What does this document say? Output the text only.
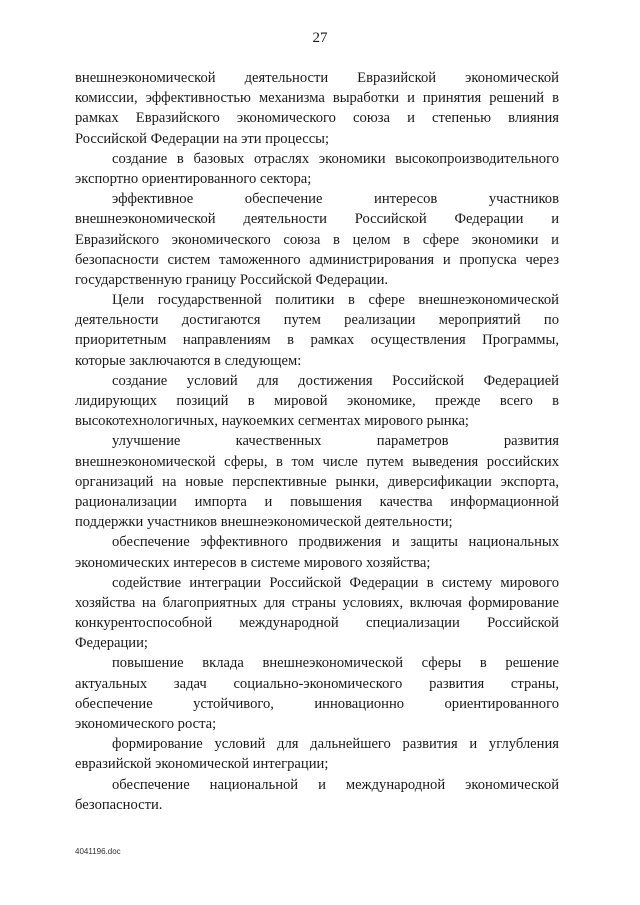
27
внешнеэкономической деятельности Евразийской экономической
комиссии, эффективностью механизма выработки и принятия решений в
рамках Евразийского экономического союза и степенью влияния
Российской Федерации на эти процессы;
создание в базовых отраслях экономики высокопроизводительного
экспортно ориентированного сектора;
эффективное обеспечение интересов участников
внешнеэкономической деятельности Российской Федерации и
Евразийского экономического союза в целом в сфере экономики и
безопасности систем таможенного администрирования и пропуска через
государственную границу Российской Федерации.
Цели государственной политики в сфере внешнеэкономической
деятельности достигаются путем реализации мероприятий по
приоритетным направлениям в рамках осуществления Программы,
которые заключаются в следующем:
создание условий для достижения Российской Федерацией
лидирующих позиций в мировой экономике, прежде всего в
высокотехнологичных, наукоемких сегментах мирового рынка;
улучшение качественных параметров развития
внешнеэкономической сферы, в том числе путем выведения российских
организаций на новые перспективные рынки, диверсификации экспорта,
рационализации импорта и повышения качества информационной
поддержки участников внешнеэкономической деятельности;
обеспечение эффективного продвижения и защиты национальных
экономических интересов в системе мирового хозяйства;
содействие интеграции Российской Федерации в систему мирового
хозяйства на благоприятных для страны условиях, включая формирование
конкурентоспособной международной специализации Российской
Федерации;
повышение вклада внешнеэкономической сферы в решение
актуальных задач социально-экономического развития страны,
обеспечение устойчивого, инновационно ориентированного
экономического роста;
формирование условий для дальнейшего развития и углубления
евразийской экономической интеграции;
обеспечение национальной и международной экономической
безопасности.
4041196.doc
